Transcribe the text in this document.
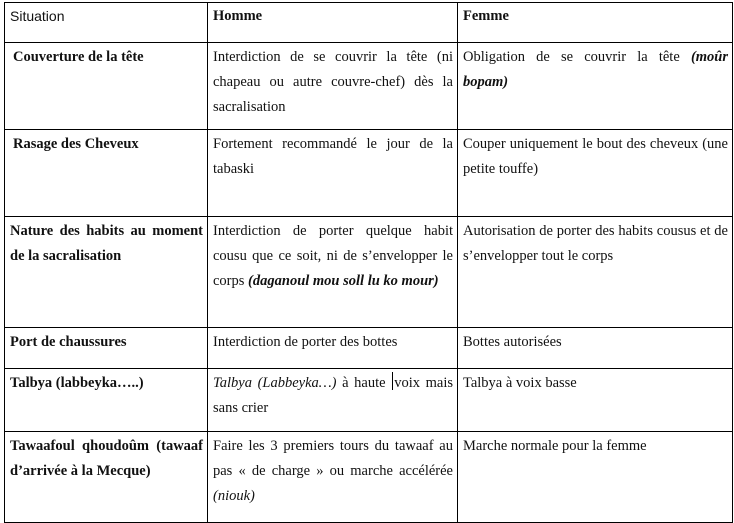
Situation	Homme	Femme
Couverture de la tête	Interdiction de se couvrir la tête (ni chapeau ou autre couvre-chef) dès la sacralisation	Obligation de se couvrir la tête (moûr bopam)
Rasage des Cheveux	Fortement recommandé le jour de la tabaski	Couper uniquement le bout des cheveux (une petite touffe)
Nature des habits au moment de la sacralisation	Interdiction de porter quelque habit cousu que ce soit, ni de s’envelopper le corps (daganoul mou soll lu ko mour)	Autorisation de porter des habits cousus et de s’envelopper tout le corps
Port de chaussures	Interdiction de porter des bottes	Bottes autorisées
Talbya (labbeyka…..)	Talbya (Labbeyka…) à haute voix mais sans crier	Talbya à voix basse
Tawaafoul qhoudoûm (tawaaf d’arrivée à la Mecque)	Faire les 3 premiers tours du tawaaf au pas « de charge » ou marche accélérée (niouk)	Marche normale pour la femme
